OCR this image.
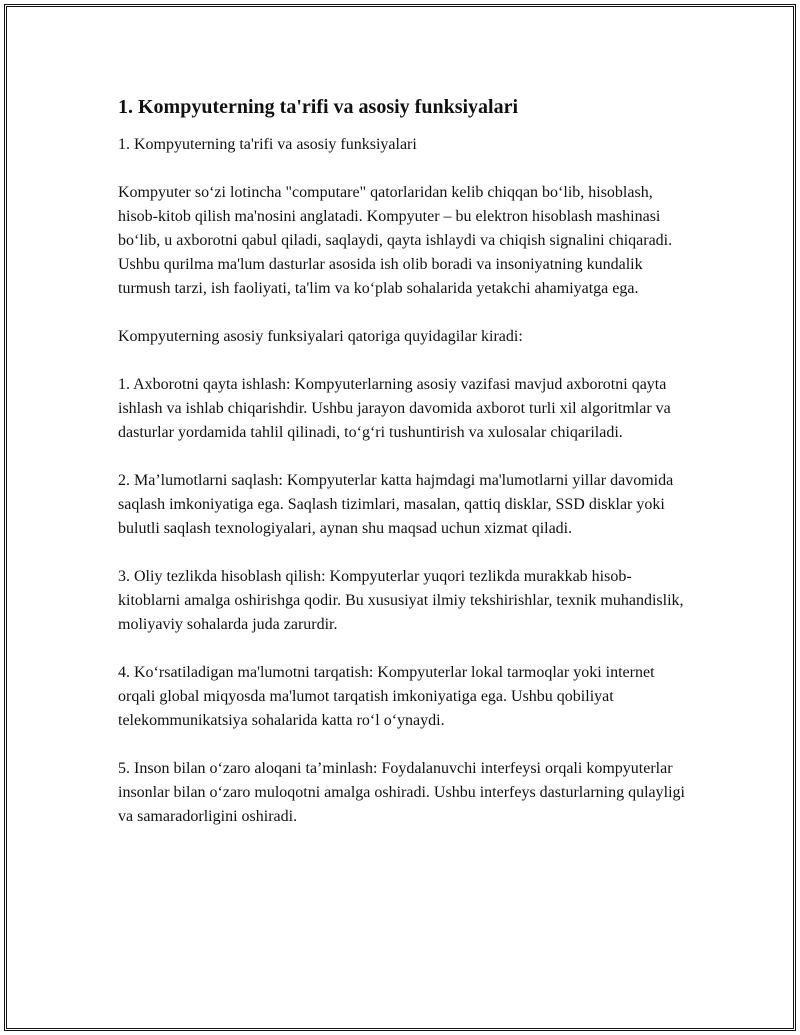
1. Kompyuterning ta'rifi va asosiy funksiyalari

1. Kompyuterning ta'rifi va asosiy funksiyalari

Kompyuter so‘zi lotincha "computare" qatorlaridan kelib chiqqan bo‘lib, hisoblash, hisob-kitob qilish ma'nosini anglatadi. Kompyuter – bu elektron hisoblash mashinasi bo‘lib, u axborotni qabul qiladi, saqlaydi, qayta ishlaydi va chiqish signalini chiqaradi. Ushbu qurilma ma'lum dasturlar asosida ish olib boradi va insoniyatning kundalik turmush tarzi, ish faoliyati, ta'lim va ko‘plab sohalarida yetakchi ahamiyatga ega.

Kompyuterning asosiy funksiyalari qatoriga quyidagilar kiradi:

1. Axborotni qayta ishlash: Kompyuterlarning asosiy vazifasi mavjud axborotni qayta ishlash va ishlab chiqarishdir. Ushbu jarayon davomida axborot turli xil algoritmlar va dasturlar yordamida tahlil qilinadi, to‘g‘ri tushuntirish va xulosalar chiqariladi.

2. Ma’lumotlarni saqlash: Kompyuterlar katta hajmdagi ma'lumotlarni yillar davomida saqlash imkoniyatiga ega. Saqlash tizimlari, masalan, qattiq disklar, SSD disklar yoki bulutli saqlash texnologiyalari, aynan shu maqsad uchun xizmat qiladi.

3. Oliy tezlikda hisoblash qilish: Kompyuterlar yuqori tezlikda murakkab hisob-kitoblarni amalga oshirishga qodir. Bu xususiyat ilmiy tekshirishlar, texnik muhandislik, moliyaviy sohalarda juda zarurdir.

4. Ko‘rsatiladigan ma'lumotni tarqatish: Kompyuterlar lokal tarmoqlar yoki internet orqali global miqyosda ma'lumot tarqatish imkoniyatiga ega. Ushbu qobiliyat telekommunikatsiya sohalarida katta ro‘l o‘ynaydi.

5. Inson bilan o‘zaro aloqani ta’minlash: Foydalanuvchi interfeysi orqali kompyuterlar insonlar bilan o‘zaro muloqotni amalga oshiradi. Ushbu interfeys dasturlarning qulayligi va samaradorligini oshiradi.
